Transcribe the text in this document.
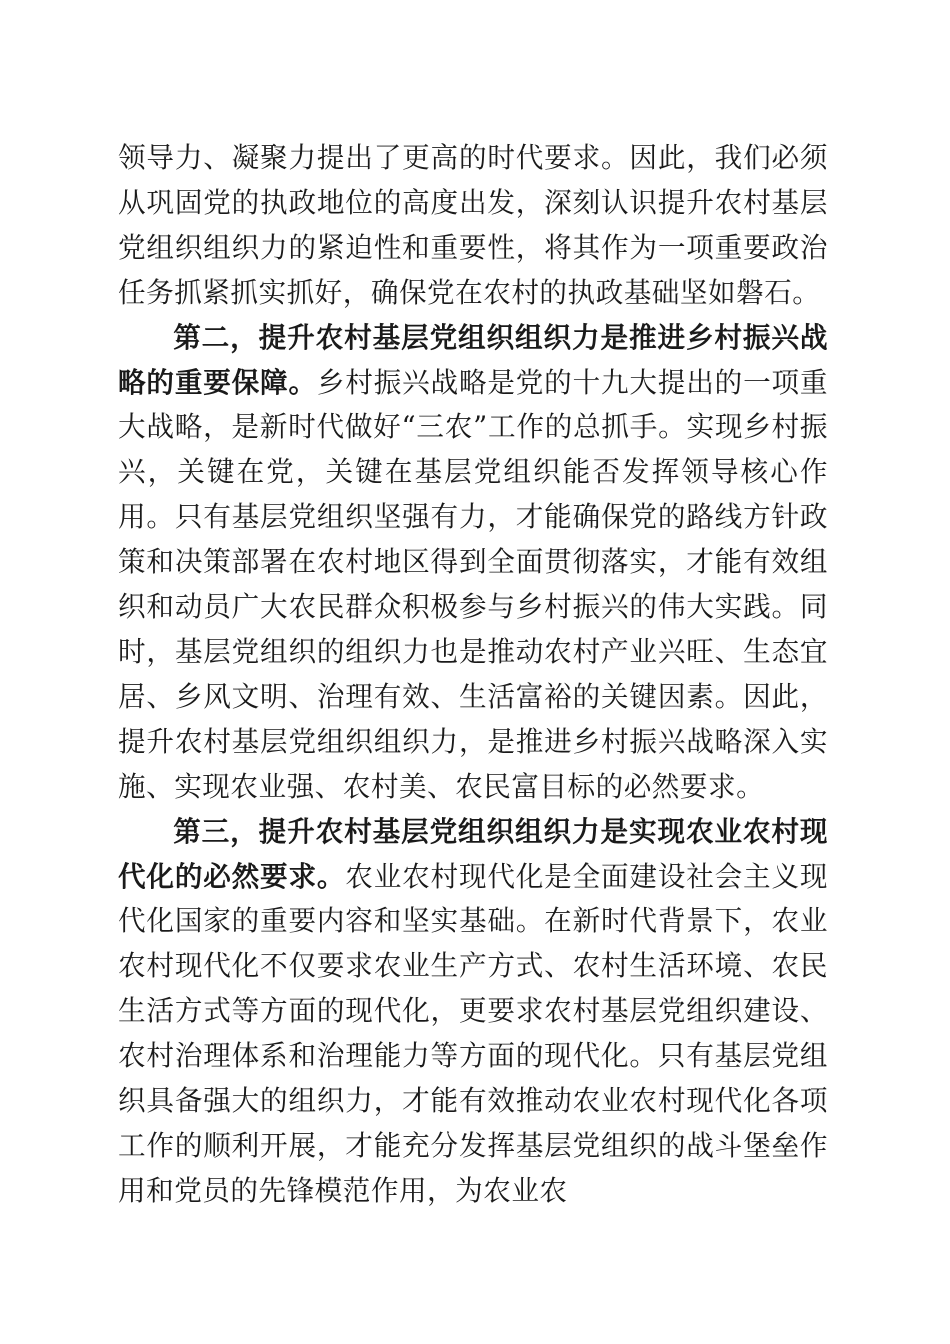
领导力、凝聚力提出了更高的时代要求。因此，我们必须从巩固党的执政地位的高度出发，深刻认识提升农村基层党组织组织力的紧迫性和重要性，将其作为一项重要政治任务抓紧抓实抓好，确保党在农村的执政基础坚如磐石。

第二，提升农村基层党组织组织力是推进乡村振兴战略的重要保障。乡村振兴战略是党的十九大提出的一项重大战略，是新时代做好“三农”工作的总抓手。实现乡村振兴，关键在党，关键在基层党组织能否发挥领导核心作用。只有基层党组织坚强有力，才能确保党的路线方针政策和决策部署在农村地区得到全面贯彻落实，才能有效组织和动员广大农民群众积极参与乡村振兴的伟大实践。同时，基层党组织的组织力也是推动农村产业兴旺、生态宜居、乡风文明、治理有效、生活富裕的关键因素。因此，提升农村基层党组织组织力，是推进乡村振兴战略深入实施、实现农业强、农村美、农民富目标的必然要求。

第三，提升农村基层党组织组织力是实现农业农村现代化的必然要求。农业农村现代化是全面建设社会主义现代化国家的重要内容和坚实基础。在新时代背景下，农业农村现代化不仅要求农业生产方式、农村生活环境、农民生活方式等方面的现代化，更要求农村基层党组织建设、农村治理体系和治理能力等方面的现代化。只有基层党组织具备强大的组织力，才能有效推动农业农村现代化各项工作的顺利开展，才能充分发挥基层党组织的战斗堡垒作用和党员的先锋模范作用，为农业农
